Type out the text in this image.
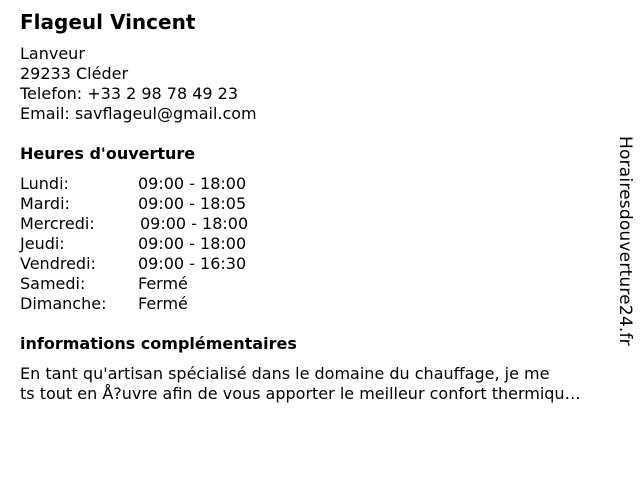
Flageul Vincent
Lanveur
29233 Cléder
Telefon: +33 2 98 78 49 23
Email: savflageul@gmail.com
Heures d'ouverture
Lundi:	09:00 - 18:00
Mardi:	09:00 - 18:05
Mercredi:	09:00 - 18:00
Jeudi:	09:00 - 18:00
Vendredi:	09:00 - 16:30
Samedi:	Fermé
Dimanche: Fermé
informations complémentaires
En tant qu'artisan spécialisé dans le domaine du chauffage, je me
ts tout en Å?uvre afin de vous apporter le meilleur confort thermiqu…
Horairesdouverture24.fr
